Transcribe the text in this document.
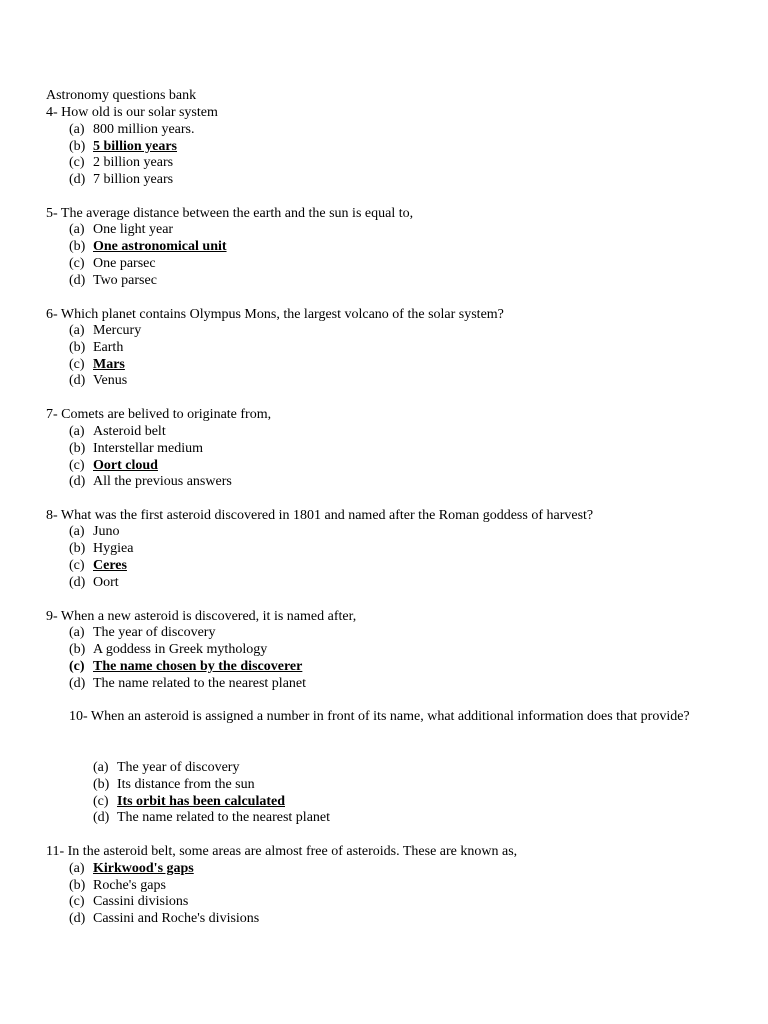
Astronomy questions bank
4- How old is our solar system
(a) 800 million years.
(b) 5 billion years
(c) 2 billion years
(d) 7 billion years
5- The average distance between the earth and the sun is equal to,
(a) One light year
(b) One astronomical unit
(c) One parsec
(d) Two parsec
6- Which planet contains Olympus Mons, the largest volcano of the solar system?
(a) Mercury
(b) Earth
(c) Mars
(d) Venus
7- Comets are belived to originate from,
(a) Asteroid belt
(b) Interstellar medium
(c) Oort cloud
(d) All the previous answers
8- What was the first asteroid discovered in 1801 and named after the Roman goddess of harvest?
(a) Juno
(b) Hygiea
(c) Ceres
(d) Oort
9- When a new asteroid is discovered, it is named after,
(a) The year of discovery
(b) A goddess in Greek mythology
(c) The name chosen by the discoverer
(d) The name related to the nearest planet
10- When an asteroid is assigned a number in front of its name, what additional information does that provide?
(a) The year of discovery
(b) Its distance from the sun
(c) Its orbit has been calculated
(d) The name related to the nearest planet
11- In the asteroid belt, some areas are almost free of asteroids. These are known as,
(a) Kirkwood's gaps
(b) Roche's gaps
(c) Cassini divisions
(d) Cassini and Roche's divisions
